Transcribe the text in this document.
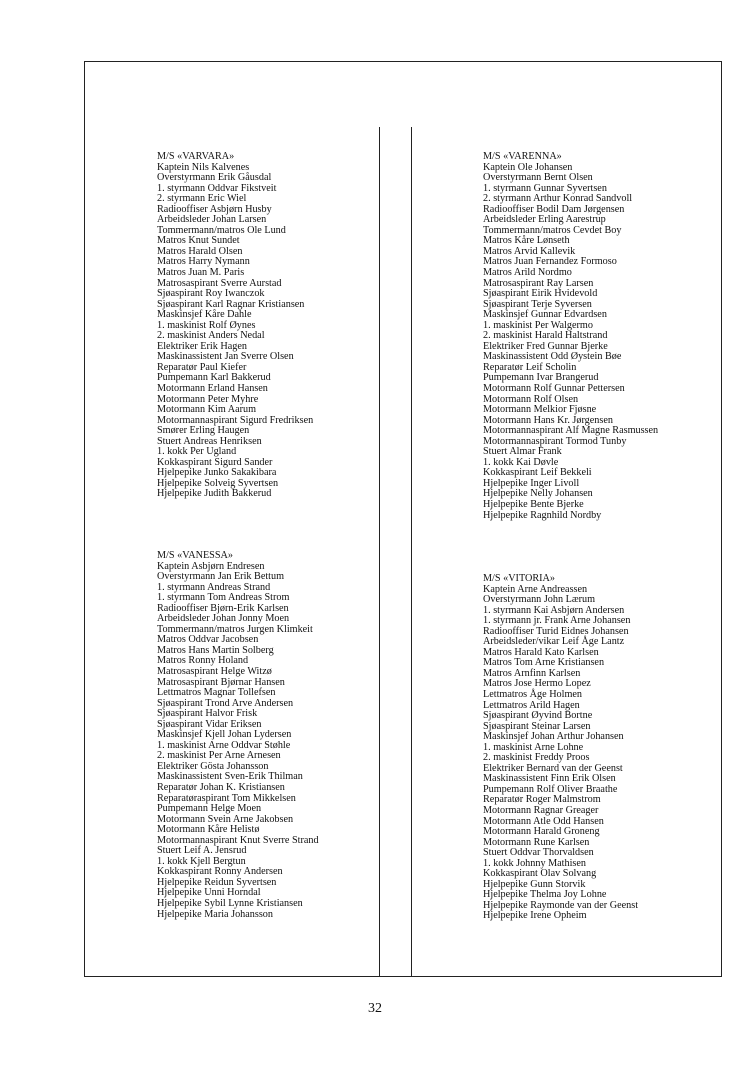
M/S «VARVARA»
Kaptein Nils Kalvenes
Overstyrmann Erik Gåusdal
1. styrmann Oddvar Fikstveit
2. styrmann Eric Wiel
Radiooffiser Asbjørn Husby
Arbeidsleder Johan Larsen
Tommermann/matros Ole Lund
Matros Knut Sundet
Matros Harald Olsen
Matros Harry Nymann
Matros Juan M. Paris
Matrosaspirant Sverre Aurstad
Sjøaspirant Roy Iwanczok
Sjøaspirant Karl Ragnar Kristiansen
Maskinsjef Kåre Dahle
1. maskinist Rolf Øynes
2. maskinist Anders Nedal
Elektriker Erik Hagen
Maskinassistent Jan Sverre Olsen
Reparatør Paul Kiefer
Pumpemann Karl Bakkerud
Motormann Erland Hansen
Motormann Peter Myhre
Motormann Kim Aarum
Motormannaspirant Sigurd Fredriksen
Smører Erling Haugen
Stuert Andreas Henriksen
1. kokk Per Ugland
Kokkaspirant Sigurd Sander
Hjelpepike Junko Sakakibara
Hjelpepike Solveig Syvertsen
Hjelpepike Judith Bakkerud
M/S «VARENNA»
Kaptein Ole Johansen
Overstyrmann Bernt Olsen
1. styrmann Gunnar Syvertsen
2. styrmann Arthur Konrad Sandvoll
Radiooffiser Bodil Dam Jørgensen
Arbeidsleder Erling Aarestrup
Tommermann/matros Cevdet Boy
Matros Kåre Lønseth
Matros Arvid Kallevik
Matros Juan Fernandez Formoso
Matros Arild Nordmo
Matrosaspirant Ray Larsen
Sjøaspirant Eirik Hvidevold
Sjøaspirant Terje Syversen
Maskinsjef Gunnar Edvardsen
1. maskinist Per Walgermo
2. maskinist Harald Haltstrand
Elektriker Fred Gunnar Bjerke
Maskinassistent Odd Øystein Bøe
Reparatør Leif Scholin
Pumpemann Ivar Brangerud
Motormann Rolf Gunnar Pettersen
Motormann Rolf Olsen
Motormann Melkior Fjøsne
Motormann Hans Kr. Jørgensen
Motormannaspirant Alf Magne Rasmussen
Motormannaspirant Tormod Tunby
Stuert Almar Frank
1. kokk Kai Døvle
Kokkaspirant Leif Bekkeli
Hjelpepike Inger Livoll
Hjelpepike Nelly Johansen
Hjelpepike Bente Bjerke
Hjelpepike Ragnhild Nordby
M/S «VANESSA»
Kaptein Asbjørn Endresen
Overstyrmann Jan Erik Bettum
1. styrmann Andreas Strand
1. styrmann Tom Andreas Strom
Radiooffiser Bjørn-Erik Karlsen
Arbeidsleder Johan Jonny Moen
Tommermann/matros Jurgen Klimkeit
Matros Oddvar Jacobsen
Matros Hans Martin Solberg
Matros Ronny Holand
Matrosaspirant Helge Witzø
Matrosaspirant Bjørnar Hansen
Lettmatros Magnar Tollefsen
Sjøaspirant Trond Arve Andersen
Sjøaspirant Halvor Frisk
Sjøaspirant Vidar Eriksen
Maskinsjef Kjell Johan Lydersen
1. maskinist Arne Oddvar Støhle
2. maskinist Per Arne Arnesen
Elektriker Gösta Johansson
Maskinassistent Sven-Erik Thilman
Reparatør Johan K. Kristiansen
Reparatøraspirant Tom Mikkelsen
Pumpemann Helge Moen
Motormann Svein Arne Jakobsen
Motormann Kåre Helistø
Motormannaspirant Knut Sverre Strand
Stuert Leif A. Jensrud
1. kokk Kjell Bergtun
Kokkaspirant Ronny Andersen
Hjelpepike Reidun Syvertsen
Hjelpepike Unni Horndal
Hjelpepike Sybil Lynne Kristiansen
Hjelpepike Maria Johansson
M/S «VITORIA»
Kaptein Arne Andreassen
Overstyrmann John Lærum
1. styrmann Kai Asbjørn Andersen
1. styrmann jr. Frank Arne Johansen
Radiooffiser Turid Eidnes Johansen
Arbeidsleder/vikar Leif Åge Lantz
Matros Harald Kato Karlsen
Matros Tom Arne Kristiansen
Matros Arnfinn Karlsen
Matros Jose Hermo Lopez
Lettmatros Åge Holmen
Lettmatros Arild Hagen
Sjøaspirant Øyvind Bortne
Sjøaspirant Steinar Larsen
Maskinsjef Johan Arthur Johansen
1. maskinist Arne Lohne
2. maskinist Freddy Proos
Elektriker Bernard van der Geenst
Maskinassistent Finn Erik Olsen
Pumpemann Rolf Oliver Braathe
Reparatør Roger Malmstrom
Motormann Ragnar Greager
Motormann Atle Odd Hansen
Motormann Harald Groneng
Motormann Rune Karlsen
Stuert Oddvar Thorvaldsen
1. kokk Johnny Mathisen
Kokkaspirant Olav Solvang
Hjelpepike Gunn Storvik
Hjelpepike Thelma Joy Lohne
Hjelpepike Raymonde van der Geenst
Hjelpepike Irene Opheim
32
